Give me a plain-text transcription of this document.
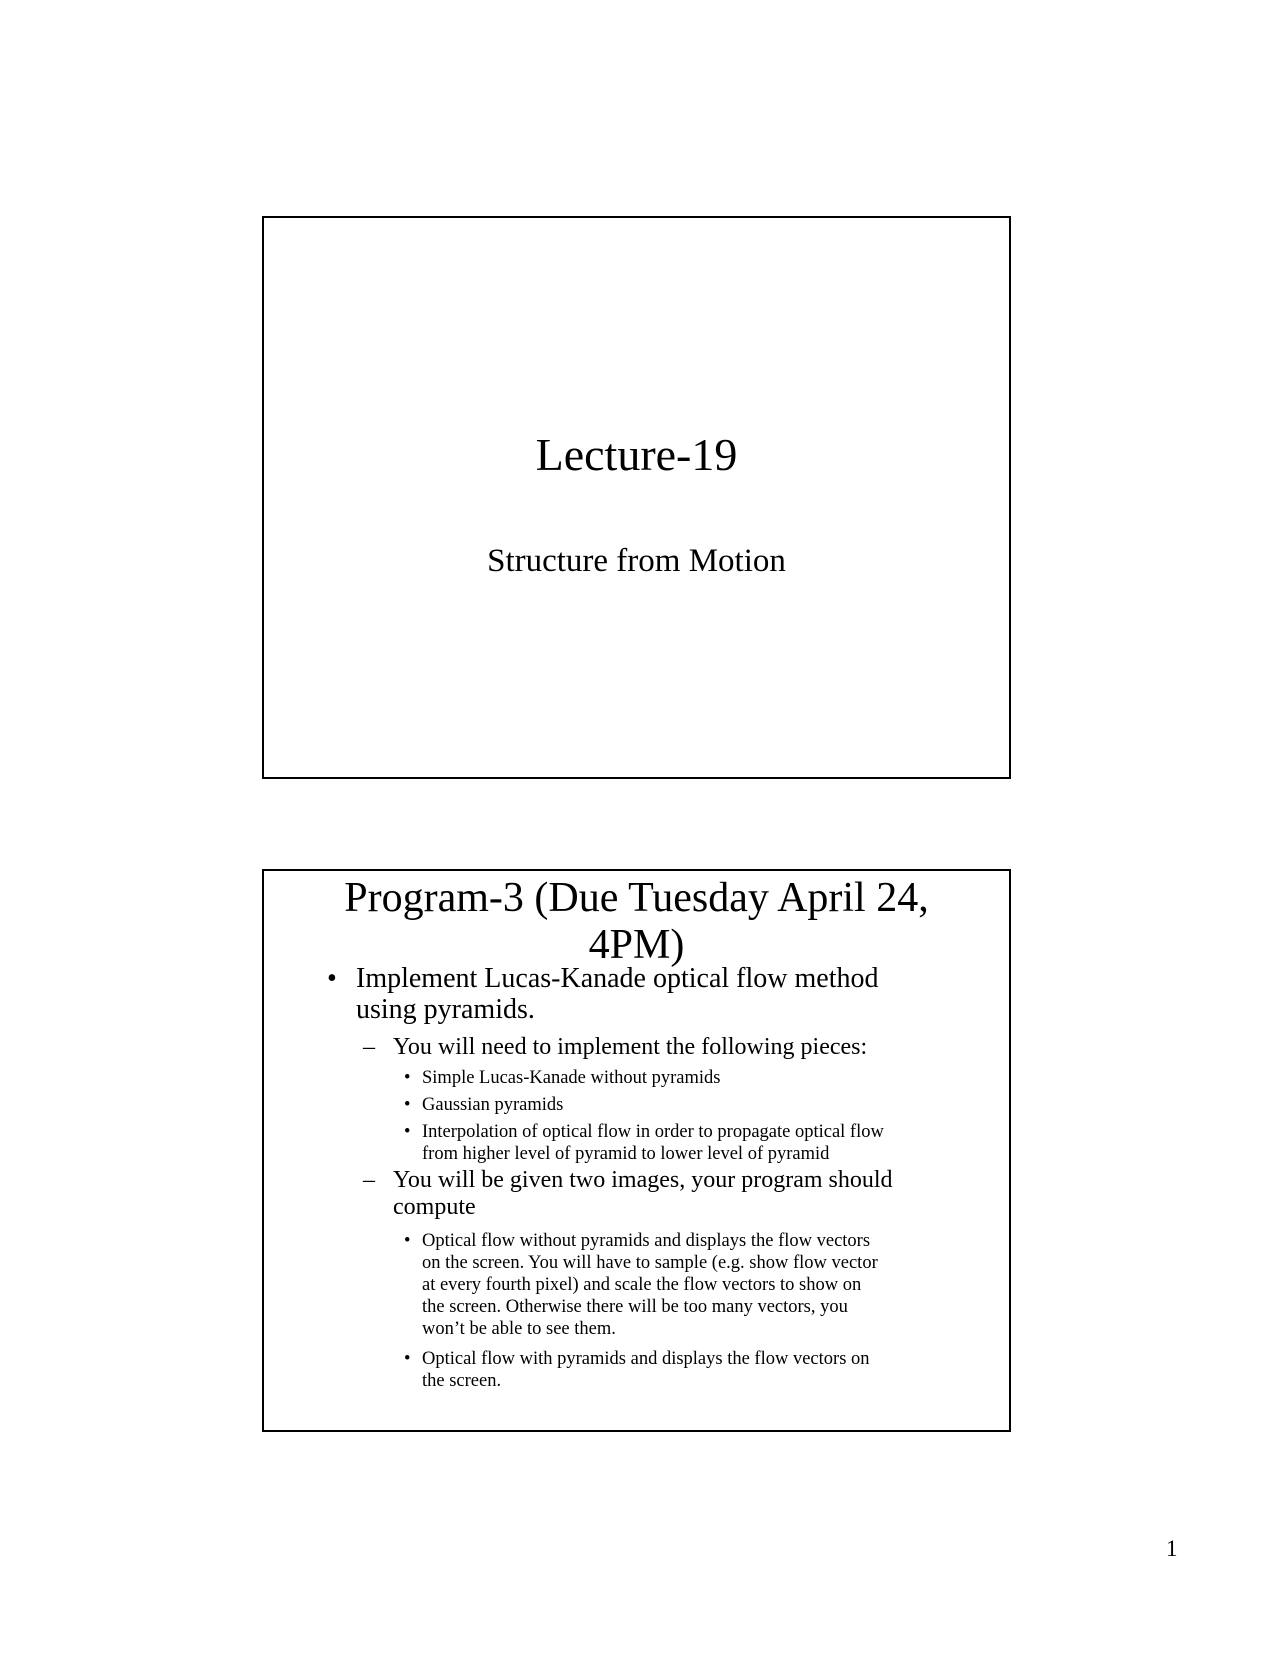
Lecture-19
Structure from Motion
Program-3 (Due Tuesday April 24,
4PM)
• Implement Lucas-Kanade optical flow method
using pyramids.
– You will need to implement the following pieces:
• Simple Lucas-Kanade without pyramids
• Gaussian pyramids
• Interpolation of optical flow in order to propagate optical flow
from higher level of pyramid to lower level of pyramid
– You will be given two images, your program should
compute
• Optical flow without pyramids and displays the flow vectors
on the screen. You will have to sample (e.g. show flow vector
at every fourth pixel) and scale the flow vectors to show on
the screen. Otherwise there will be too many vectors, you
won’t be able to see them.
• Optical flow with pyramids and displays the flow vectors on
the screen.
1
